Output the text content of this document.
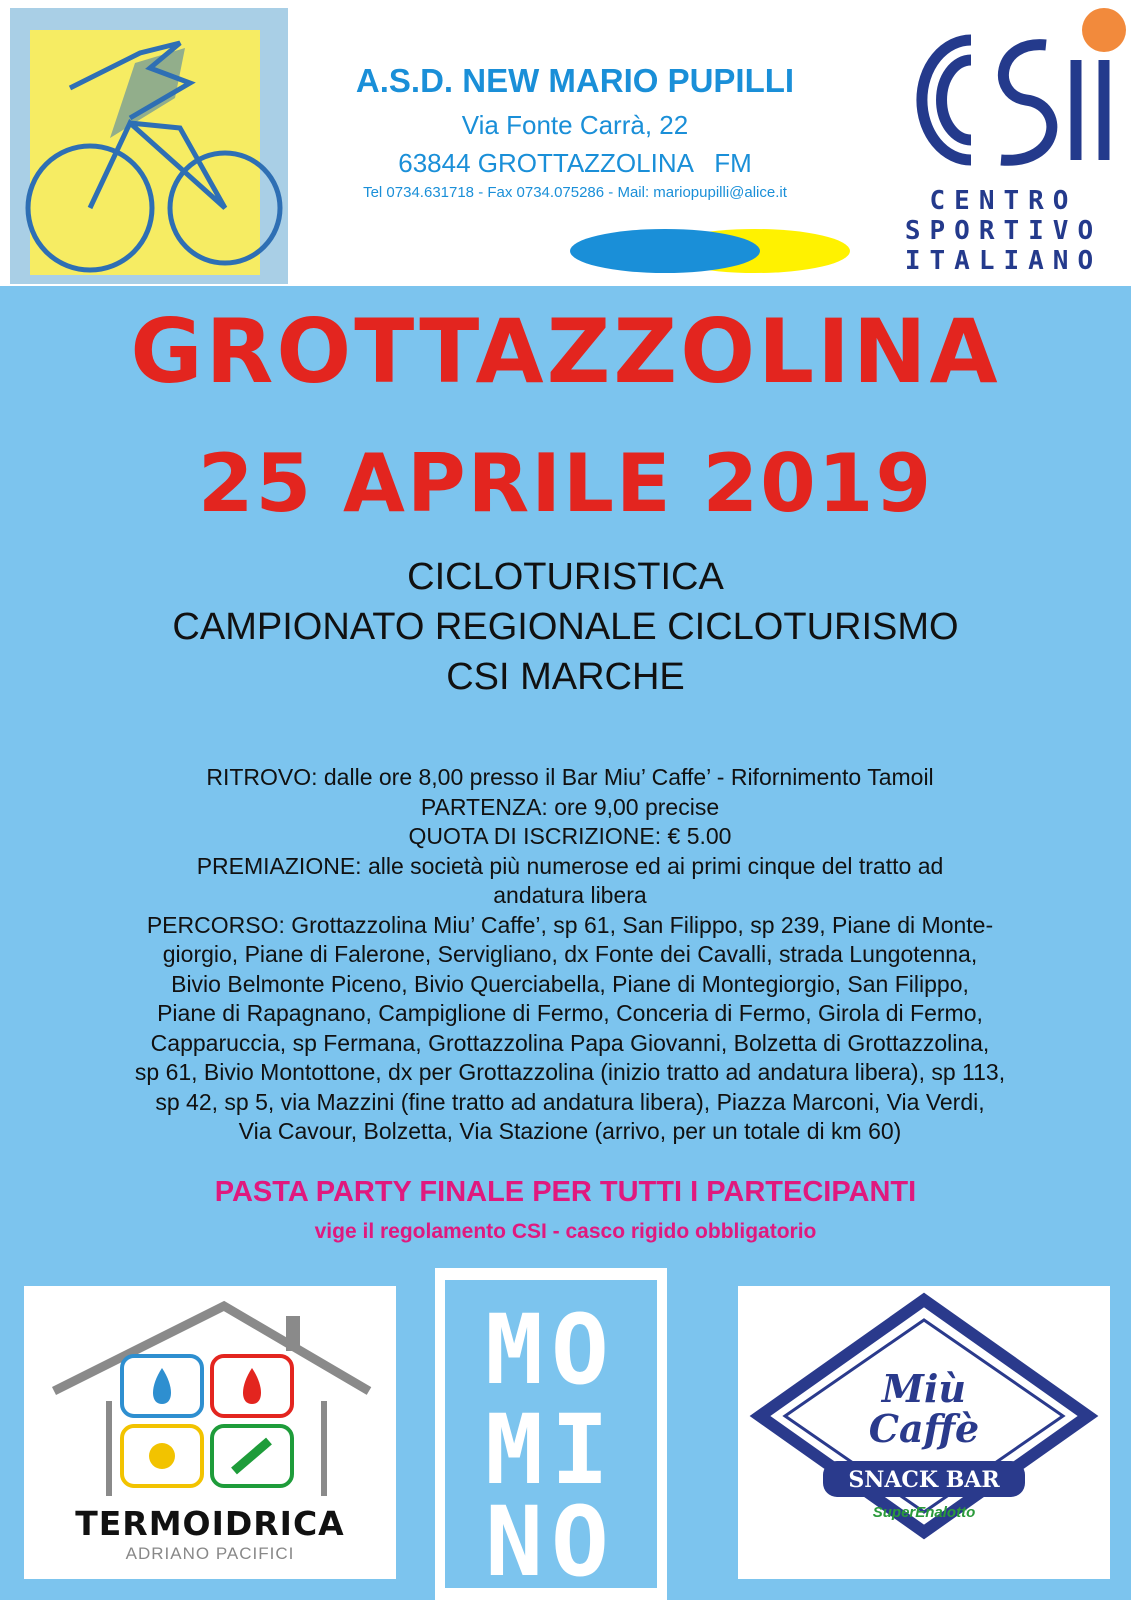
A.S.D. NEW MARIO PUPILLI
Via Fonte Carrà, 22
63844 GROTTAZZOLINA   FM
Tel 0734.631718 - Fax 0734.075286 - Mail: mariopupilli@alice.it	CENTRO
SPORTIVO
ITALIANO
GROTTAZZOLINA
25 APRILE 2019
CICLOTURISTICA
CAMPIONATO REGIONALE CICLOTURISMO
CSI MARCHE
RITROVO: dalle ore 8,00 presso il Bar Miu’ Caffe’ - Rifornimento Tamoil
PARTENZA: ore 9,00 precise
QUOTA DI ISCRIZIONE: € 5.00
PREMIAZIONE: alle società più numerose ed ai primi cinque del tratto ad
andatura libera
PERCORSO: Grottazzolina Miu’ Caffe’, sp 61, San Filippo, sp 239, Piane di Monte-
giorgio, Piane di Falerone, Servigliano, dx Fonte dei Cavalli, strada Lungotenna,
Bivio Belmonte Piceno, Bivio Querciabella, Piane di Montegiorgio, San Filippo,
Piane di Rapagnano, Campiglione di Fermo, Conceria di Fermo, Girola di Fermo,
Capparuccia, sp Fermana, Grottazzolina Papa Giovanni, Bolzetta di Grottazzolina,
sp 61, Bivio Montottone, dx per Grottazzolina (inizio tratto ad andatura libera), sp 113,
sp 42, sp 5, via Mazzini (fine tratto ad andatura libera), Piazza Marconi, Via Verdi,
Via Cavour, Bolzetta, Via Stazione (arrivo, per un totale di km 60)
PASTA PARTY FINALE PER TUTTI I PARTECIPANTI
vige il regolamento CSI - casco rigido obbligatorio
TERMOIDRICA
ADRIANO PACIFICI
MO
MI
NO
Miù
Caffè
SNACK BAR
SuperEnalotto
